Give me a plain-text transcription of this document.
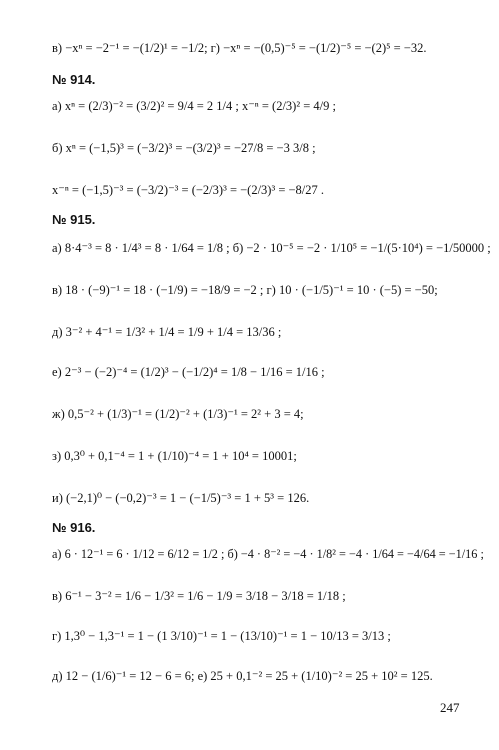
в) −xⁿ = −2⁻¹ = −(1/2)¹ = −1/2; г) −xⁿ = −(0,5)⁻⁵ = −(1/2)⁻⁵ = −(2)⁵ = −32.
№ 914.
а) xⁿ = (2/3)⁻² = (3/2)² = 9/4 = 2 1/4 ; x⁻ⁿ = (2/3)² = 4/9 ;
б) xⁿ = (−1,5)³ = (−3/2)³ = −(3/2)³ = −27/8 = −3 3/8 ;
x⁻ⁿ = (−1,5)⁻³ = (−3/2)⁻³ = (−2/3)³ = −(2/3)³ = −8/27 .
№ 915.
а) 8·4⁻³ = 8 · 1/4³ = 8 · 1/64 = 1/8 ; б) −2 · 10⁻⁵ = −2 · 1/10⁵ = −1/(5·10⁴) = −1/50000 ;
в) 18 · (−9)⁻¹ = 18 · (−1/9) = −18/9 = −2 ; г) 10 · (−1/5)⁻¹ = 10 · (−5) = −50;
д) 3⁻² + 4⁻¹ = 1/3² + 1/4 = 1/9 + 1/4 = 13/36 ;
е) 2⁻³ − (−2)⁻⁴ = (1/2)³ − (−1/2)⁴ = 1/8 − 1/16 = 1/16 ;
ж) 0,5⁻² + (1/3)⁻¹ = (1/2)⁻² + (1/3)⁻¹ = 2² + 3 = 4;
з) 0,3⁰ + 0,1⁻⁴ = 1 + (1/10)⁻⁴ = 1 + 10⁴ = 10001;
и) (−2,1)⁰ − (−0,2)⁻³ = 1 − (−1/5)⁻³ = 1 + 5³ = 126.
№ 916.
а) 6 · 12⁻¹ = 6 · 1/12 = 6/12 = 1/2 ; б) −4 · 8⁻² = −4 · 1/8² = −4 · 1/64 = −4/64 = −1/16 ;
в) 6⁻¹ − 3⁻² = 1/6 − 1/3² = 1/6 − 1/9 = 3/18 − 3/18 = 1/18 ;
г) 1,3⁰ − 1,3⁻¹ = 1 − (1 3/10)⁻¹ = 1 − (13/10)⁻¹ = 1 − 10/13 = 3/13 ;
д) 12 − (1/6)⁻¹ = 12 − 6 = 6; е) 25 + 0,1⁻² = 25 + (1/10)⁻² = 25 + 10² = 125.
247
